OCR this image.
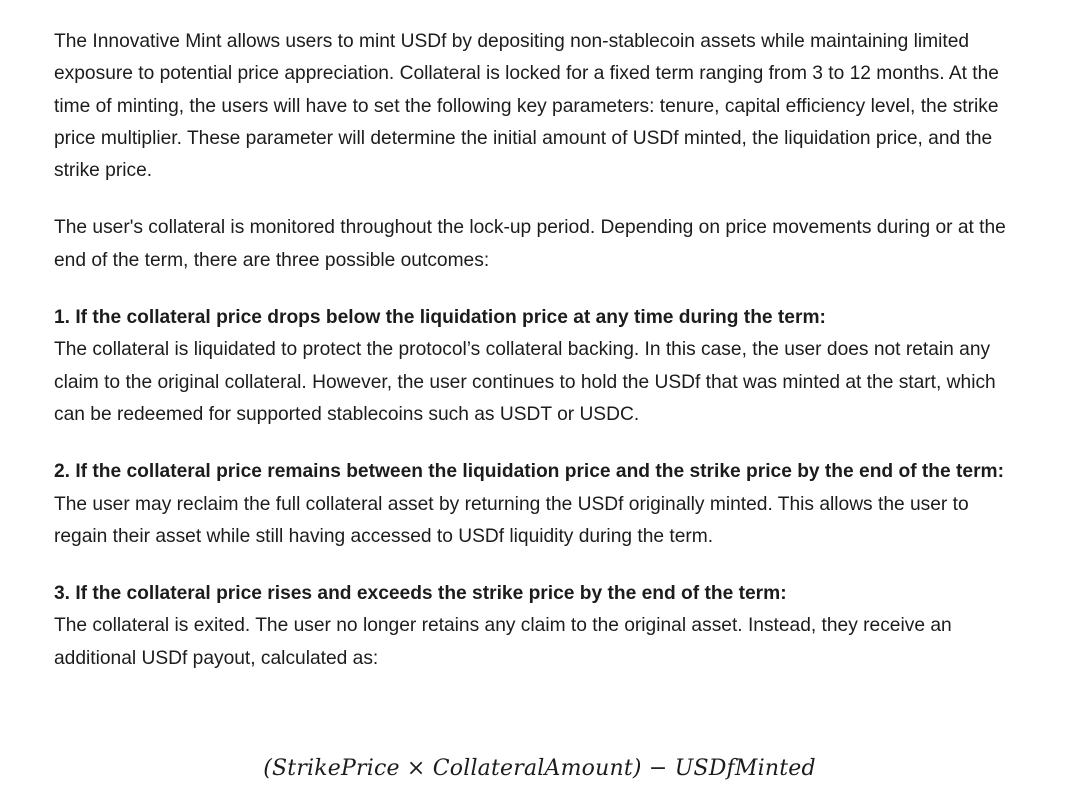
The Innovative Mint allows users to mint USDf by depositing non-stablecoin assets while maintaining limited exposure to potential price appreciation. Collateral is locked for a fixed term ranging from 3 to 12 months. At the time of minting, the users will have to set the following key parameters: tenure, capital efficiency level, the strike price multiplier. These parameter will determine the initial amount of USDf minted, the liquidation price, and the strike price.

The user's collateral is monitored throughout the lock-up period. Depending on price movements during or at the end of the term, there are three possible outcomes:

1. If the collateral price drops below the liquidation price at any time during the term:

The collateral is liquidated to protect the protocol’s collateral backing. In this case, the user does not retain any claim to the original collateral. However, the user continues to hold the USDf that was minted at the start, which can be redeemed for supported stablecoins such as USDT or USDC.

2. If the collateral price remains between the liquidation price and the strike price by the end of the term:

The user may reclaim the full collateral asset by returning the USDf originally minted. This allows the user to regain their asset while still having accessed to USDf liquidity during the term.

3. If the collateral price rises and exceeds the strike price by the end of the term:

The collateral is exited. The user no longer retains any claim to the original asset. Instead, they receive an additional USDf payout, calculated as:

(StrikePrice × CollateralAmount) − USDfMinted
